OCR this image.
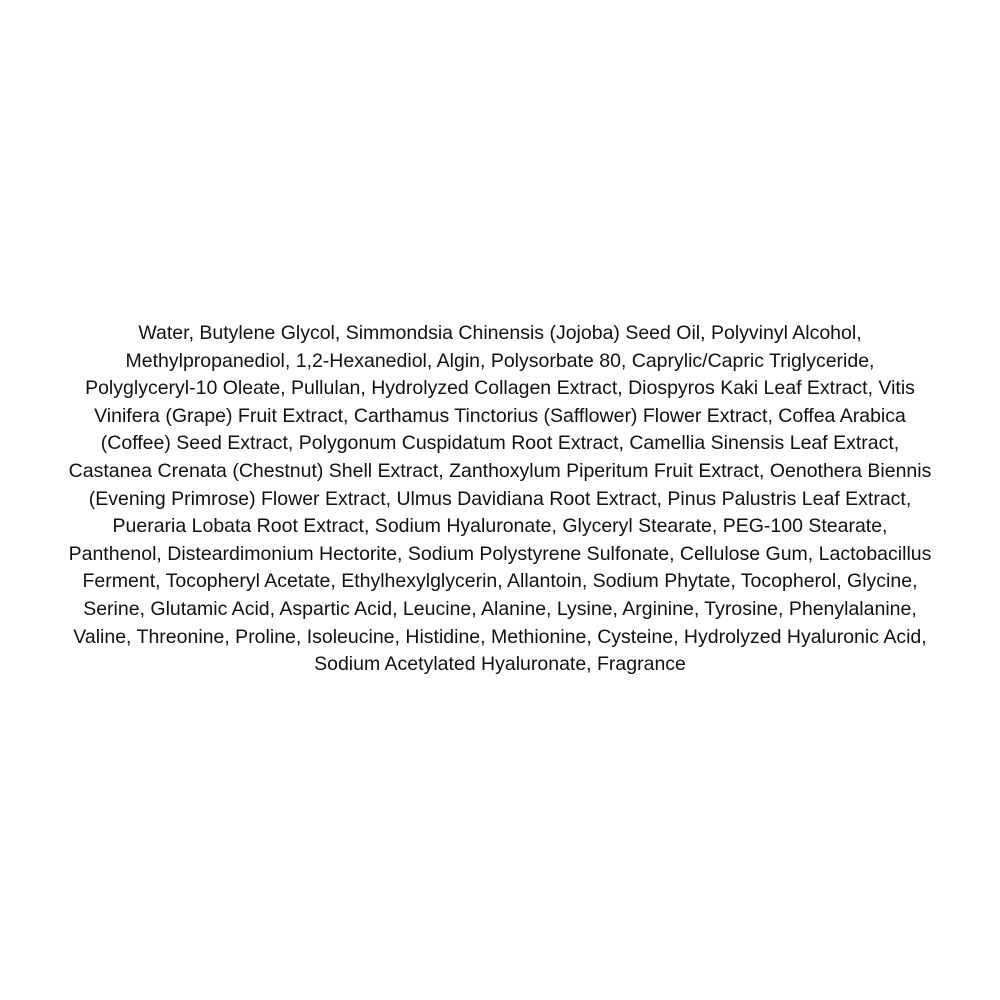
Water, Butylene Glycol, Simmondsia Chinensis (Jojoba) Seed Oil, Polyvinyl Alcohol,
Methylpropanediol, 1,2-Hexanediol, Algin, Polysorbate 80, Caprylic/Capric Triglyceride,
Polyglyceryl-10 Oleate, Pullulan, Hydrolyzed Collagen Extract, Diospyros Kaki Leaf Extract, Vitis
Vinifera (Grape) Fruit Extract, Carthamus Tinctorius (Safflower) Flower Extract, Coffea Arabica
(Coffee) Seed Extract, Polygonum Cuspidatum Root Extract, Camellia Sinensis Leaf Extract,
Castanea Crenata (Chestnut) Shell Extract, Zanthoxylum Piperitum Fruit Extract, Oenothera Biennis
(Evening Primrose) Flower Extract, Ulmus Davidiana Root Extract, Pinus Palustris Leaf Extract,
Pueraria Lobata Root Extract, Sodium Hyaluronate, Glyceryl Stearate, PEG-100 Stearate,
Panthenol, Disteardimonium Hectorite, Sodium Polystyrene Sulfonate, Cellulose Gum, Lactobacillus
Ferment, Tocopheryl Acetate, Ethylhexylglycerin, Allantoin, Sodium Phytate, Tocopherol, Glycine,
Serine, Glutamic Acid, Aspartic Acid, Leucine, Alanine, Lysine, Arginine, Tyrosine, Phenylalanine,
Valine, Threonine, Proline, Isoleucine, Histidine, Methionine, Cysteine, Hydrolyzed Hyaluronic Acid,
Sodium Acetylated Hyaluronate, Fragrance
